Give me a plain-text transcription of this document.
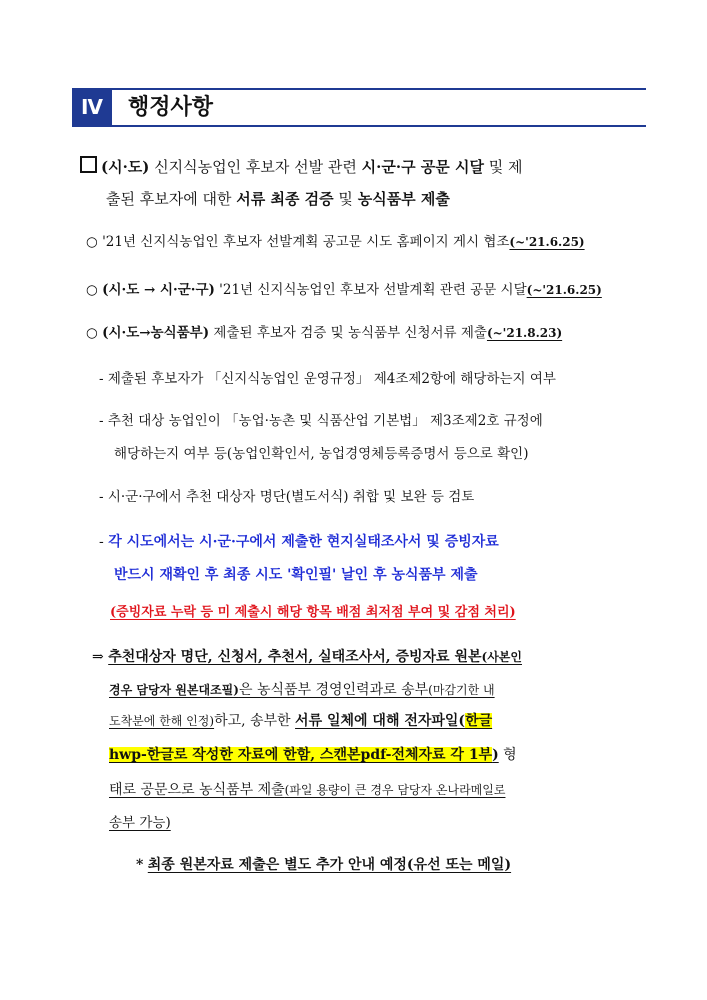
Ⅳ	행정사항
(시·도) 신지식농업인 후보자 선발 관련 시·군·구 공문 시달 및 제
출된 후보자에 대한 서류 최종 검증 및 농식품부 제출
○ '21년 신지식농업인 후보자 선발계획 공고문 시도 홈페이지 게시 협조(~'21.6.25)
○ (시·도 → 시·군·구) '21년 신지식농업인 후보자 선발계획 관련 공문 시달(~'21.6.25)
○ (시·도→농식품부) 제출된 후보자 검증 및 농식품부 신청서류 제출(~'21.8.23)
- 제출된 후보자가 「신지식농업인 운영규정」 제4조제2항에 해당하는지 여부
- 추천 대상 농업인이 「농업·농촌 및 식품산업 기본법」 제3조제2호 규정에
해당하는지 여부 등(농업인확인서, 농업경영체등록증명서 등으로 확인)
- 시·군·구에서 추천 대상자 명단(별도서식) 취합 및 보완 등 검토
- 각 시도에서는 시·군·구에서 제출한 현지실태조사서 및 증빙자료
반드시 재확인 후 최종 시도 '확인필' 날인 후 농식품부 제출
(증빙자료 누락 등 미 제출시 해당 항목 배점 최저점 부여 및 감점 처리)
⇒ 추천대상자 명단, 신청서, 추천서, 실태조사서, 증빙자료 원본(사본인
경우 담당자 원본대조필)은 농식품부 경영인력과로 송부(마감기한 내
도착분에 한해 인정)하고, 송부한 서류 일체에 대해 전자파일(한글
hwp-한글로 작성한 자료에 한함, 스캔본pdf-전체자료 각 1부) 형
태로 공문으로 농식품부 제출(파일 용량이 큰 경우 담당자 온나라메일로
송부 가능)
* 최종 원본자료 제출은 별도 추가 안내 예정(유선 또는 메일)
